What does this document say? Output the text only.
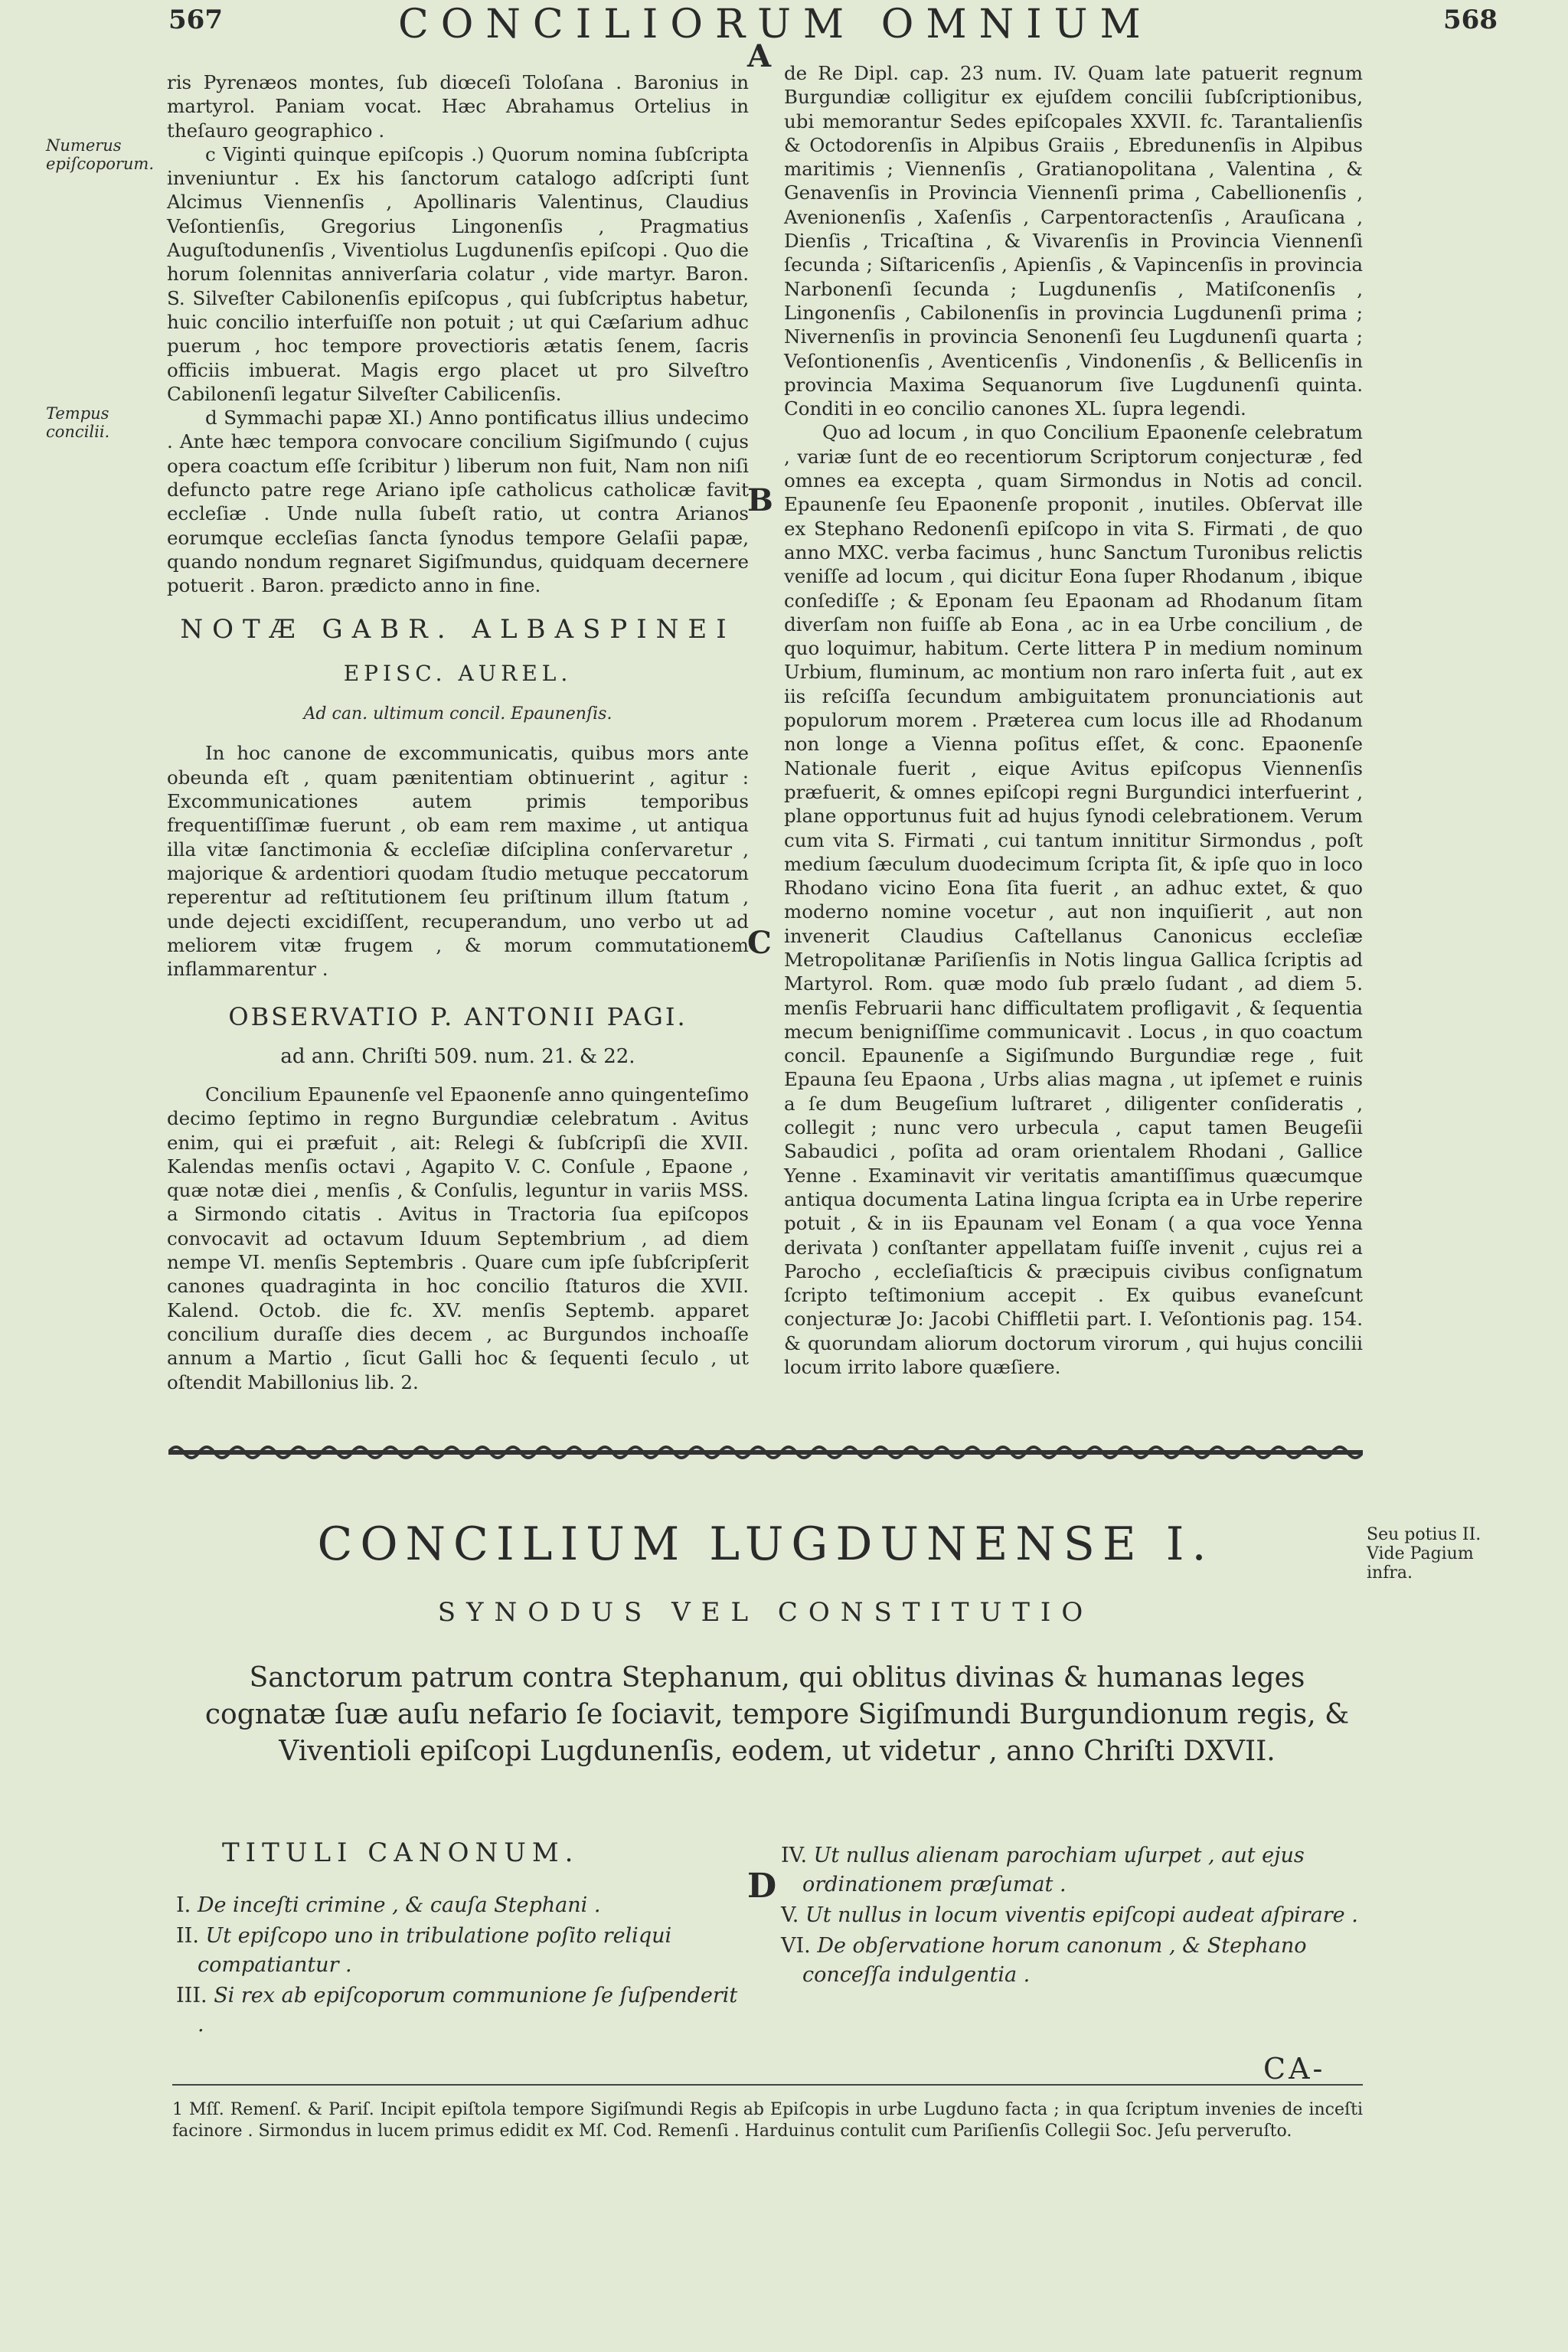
567	CONCILIORUM OMNIUM	568
Numerus epiſcoporum.
Tempus concilii.
A
B
C

ris Pyrenæos montes, ſub diœceſi Toloſana . Baronius in martyrol. Paniam vocat. Hæc Abrahamus Ortelius in theſauro geographico .

c Viginti quinque epiſcopis .) Quorum nomina ſubſcripta inveniuntur . Ex his ſanctorum catalogo adſcripti ſunt Alcimus Viennenſis , Apollinaris Valentinus, Claudius Veſontienſis, Gregorius Lingonenſis , Pragmatius Auguſtodunenſis , Viventiolus Lugdunenſis epiſcopi . Quo die horum ſolennitas anniverſaria colatur , vide martyr. Baron. S. Silveſter Cabilonenſis epiſcopus , qui ſubſcriptus habetur, huic concilio interfuiſſe non potuit ; ut qui Cæſarium adhuc puerum , hoc tempore provectioris ætatis ſenem, ſacris officiis imbuerat. Magis ergo placet ut pro Silveſtro Cabilonenſi legatur Silveſter Cabilicenſis.

d Symmachi papæ XI.) Anno pontificatus illius undecimo . Ante hæc tempora convocare concilium Sigiſmundo ( cujus opera coactum eſſe ſcribitur ) liberum non fuit, Nam non niſi defuncto patre rege Ariano ipſe catholicus catholicæ favit eccleſiæ . Unde nulla ſubeſt ratio, ut contra Arianos eorumque eccleſias ſancta ſynodus tempore Gelaſii papæ, quando nondum regnaret Sigiſmundus, quidquam decernere potuerit . Baron. prædicto anno in fine.

NOTÆ GABR. ALBASPINEI

EPISC. AUREL.

Ad can. ultimum concil. Epaunenſis.

In hoc canone de excommunicatis, quibus mors ante obeunda eſt , quam pænitentiam obtinuerint , agitur : Excommunicationes autem primis temporibus frequentiſſimæ fuerunt , ob eam rem maxime , ut antiqua illa vitæ ſanctimonia & eccleſiæ diſciplina conſervaretur , majorique & ardentiori quodam ſtudio metuque peccatorum reperentur ad reſtitutionem ſeu priſtinum illum ſtatum , unde dejecti excidiſſent, recuperandum, uno verbo ut ad meliorem vitæ frugem , & morum commutationem inflammarentur .

OBSERVATIO P. ANTONII PAGI.

ad ann. Chriſti 509. num. 21. & 22.

Concilium Epaunenſe vel Epaonenſe anno quingenteſimo decimo ſeptimo in regno Burgundiæ celebratum . Avitus enim, qui ei præfuit , ait: Relegi & ſubſcripſi die XVII. Kalendas menſis octavi , Agapito V. C. Conſule , Epaone , quæ notæ diei , menſis , & Conſulis, leguntur in variis MSS. a Sirmondo citatis . Avitus in Tractoria ſua epiſcopos convocavit ad octavum Iduum Septembrium , ad diem nempe VI. menſis Septembris . Quare cum ipſe ſubſcripſerit canones quadraginta in hoc concilio ſtaturos die XVII. Kalend. Octob. die fc. XV. menſis Septemb. apparet concilium duraſſe dies decem , ac Burgundos inchoaſſe annum a Martio , ſicut Galli hoc & ſequenti ſeculo , ut oſtendit Mabillonius lib. 2.

de Re Dipl. cap. 23 num. IV. Quam late patuerit regnum Burgundiæ colligitur ex ejuſdem concilii ſubſcriptionibus, ubi memorantur Sedes epiſcopales XXVII. fc. Tarantalienſis & Octodorenſis in Alpibus Graiis , Ebredunenſis in Alpibus maritimis ; Viennenſis , Gratianopolitana , Valentina , & Genavenſis in Provincia Viennenſi prima , Cabellionenſis , Avenionenſis , Xaſenſis , Carpentoractenſis , Arauſicana , Dienſis , Tricaſtina , & Vivarenſis in Provincia Viennenſi ſecunda ; Siſtaricenſis , Apienſis , & Vapincenſis in provincia Narbonenſi ſecunda ; Lugdunenſis , Matiſconenſis , Lingonenſis , Cabilonenſis in provincia Lugdunenſi prima ; Nivernenſis in provincia Senonenſi ſeu Lugdunenſi quarta ; Veſontionenſis , Aventicenſis , Vindonenſis , & Bellicenſis in provincia Maxima Sequanorum ſive Lugdunenſi quinta. Conditi in eo concilio canones XL. ſupra legendi.

Quo ad locum , in quo Concilium Epaonenſe celebratum , variæ ſunt de eo recentiorum Scriptorum conjecturæ , fed omnes ea excepta , quam Sirmondus in Notis ad concil. Epaunenſe ſeu Epaonenſe proponit , inutiles. Obſervat ille ex Stephano Redonenſi epiſcopo in vita S. Firmati , de quo anno MXC. verba facimus , hunc Sanctum Turonibus relictis veniſſe ad locum , qui dicitur Eona ſuper Rhodanum , ibique conſediſſe ; & Eponam ſeu Epaonam ad Rhodanum ſitam diverſam non fuiſſe ab Eona , ac in ea Urbe concilium , de quo loquimur, habitum. Certe littera P in medium nominum Urbium, fluminum, ac montium non raro inſerta fuit , aut ex iis reſciſſa ſecundum ambiguitatem pronunciationis aut populorum morem . Præterea cum locus ille ad Rhodanum non longe a Vienna poſitus eſſet, & conc. Epaonenſe Nationale fuerit , eique Avitus epiſcopus Viennenſis præfuerit, & omnes epiſcopi regni Burgundici interfuerint , plane opportunus fuit ad hujus ſynodi celebrationem. Verum cum vita S. Firmati , cui tantum innititur Sirmondus , poſt medium ſæculum duodecimum ſcripta ſit, & ipſe quo in loco Rhodano vicino Eona ſita fuerit , an adhuc extet, & quo moderno nomine vocetur , aut non inquiſierit , aut non invenerit Claudius Caſtellanus Canonicus eccleſiæ Metropolitanæ Pariſienſis in Notis lingua Gallica ſcriptis ad Martyrol. Rom. quæ modo ſub prælo ſudant , ad diem 5. menſis Februarii hanc difficultatem profligavit , & ſequentia mecum benigniſſime communicavit . Locus , in quo coactum concil. Epaunenſe a Sigiſmundo Burgundiæ rege , fuit Epauna ſeu Epaona , Urbs alias magna , ut ipſemet e ruinis a ſe dum Beugeſium luſtraret , diligenter conſideratis , collegit ; nunc vero urbecula , caput tamen Beugeſii Sabaudici , poſita ad oram orientalem Rhodani , Gallice Yenne . Examinavit vir veritatis amantiſſimus quæcumque antiqua documenta Latina lingua ſcripta ea in Urbe reperire potuit , & in iis Epaunam vel Eonam ( a qua voce Yenna derivata ) conſtanter appellatam fuiſſe invenit , cujus rei a Parocho , eccleſiaſticis & præcipuis civibus conſignatum ſcripto teſtimonium accepit . Ex quibus evaneſcunt conjecturæ Jo: Jacobi Chiffletii part. I. Veſontionis pag. 154. & quorundam aliorum doctorum virorum , qui hujus concilii locum irrito labore quæſiere.

CONCILIUM LUGDUNENSE I.	Seu potius II. Vide Pagium infra.
SYNODUS VEL CONSTITUTIO
Sanctorum patrum contra Stephanum, qui oblitus divinas & humanas leges cognatæ ſuæ auſu nefario ſe ſociavit, tempore Sigiſmundi Burgundionum regis, & Viventioli epiſcopi Lugdunenſis, eodem, ut videtur , anno Chriſti DXVII.
TITULI CANONUM.
D

I. De inceſti crimine , & cauſa Stephani .

II. Ut epiſcopo uno in tribulatione poſito reliqui compatiantur .

III. Si rex ab epiſcoporum communione ſe ſuſpenderit .

IV. Ut nullus alienam parochiam uſurpet , aut ejus ordinationem præſumat .

V. Ut nullus in locum viventis epiſcopi audeat aſpirare .

VI. De obſervatione horum canonum , & Stephano conceſſa indulgentia .

CA-
1 Mſſ. Remenſ. & Pariſ. Incipit epiſtola tempore Sigiſmundi Regis ab Epiſcopis in urbe Lugduno facta ; in qua ſcriptum invenies de inceſti facinore . Sirmondus in lucem primus edidit ex Mſ. Cod. Remenſi . Harduinus contulit cum Pariſienſis Collegii Soc. Jeſu perveruſto.
